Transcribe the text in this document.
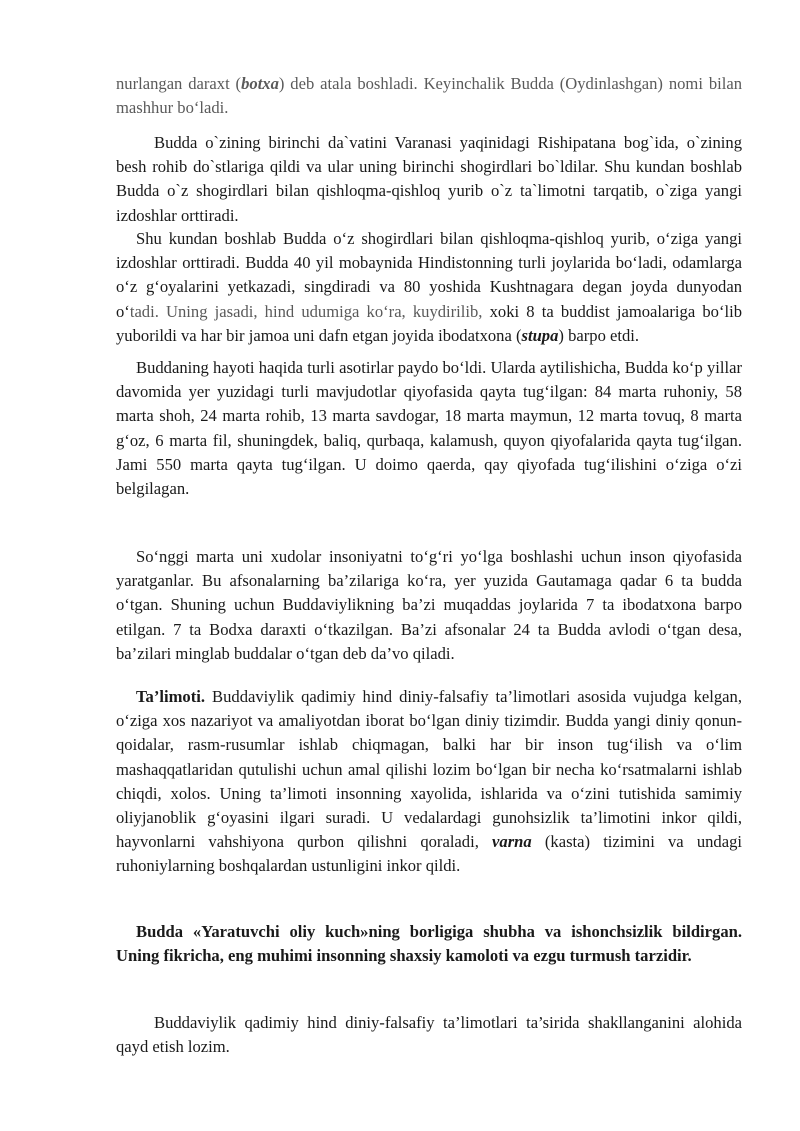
nurlangan daraxt (botxa) deb atala boshladi. Keyinchalik Budda (Oydinlashgan) nomi bilan mashhur bo‘ladi.

Budda o`zining birinchi da`vatini Varanasi yaqinidagi Rishipatana bog`ida, o`zining besh rohib do`stlariga qildi va ular uning birinchi shogirdlari bo`ldilar. Shu kundan boshlab Budda o`z shogirdlari bilan qishloqma-qishloq yurib o`z ta`limotni tarqatib, o`ziga yangi izdoshlar orttiradi.

Shu kundan boshlab Budda o‘z shogirdlari bilan qishloqma-qishloq yurib, o‘ziga yangi izdoshlar orttiradi. Budda 40 yil mobaynida Hindistonning turli joylarida bo‘ladi, odamlarga o‘z g‘oyalarini yetkazadi, singdiradi va 80 yoshida Kushtnagara degan joyda dunyodan o‘tadi. Uning jasadi, hind udumiga ko‘ra, kuydirilib, xoki 8 ta buddist jamoalariga bo‘lib yuborildi va har bir jamoa uni dafn etgan joyida ibodatxona (stupa) barpo etdi.

Buddaning hayoti haqida turli asotirlar paydo bo‘ldi. Ularda aytilishicha, Budda ko‘p yillar davomida yer yuzidagi turli mavjudotlar qiyofasida qayta tug‘ilgan: 84 marta ruhoniy, 58 marta shoh, 24 marta rohib, 13 marta savdogar, 18 marta maymun, 12 marta tovuq, 8 marta g‘oz, 6 marta fil, shuningdek, baliq, qurbaqa, kalamush, quyon qiyofalarida qayta tug‘ilgan. Jami 550 marta qayta tug‘ilgan. U doimo qaerda, qay qiyofada tug‘ilishini o‘ziga o‘zi belgilagan.

So‘nggi marta uni xudolar insoniyatni to‘g‘ri yo‘lga boshlashi uchun inson qiyofasida yaratganlar. Bu afsonalarning ba’zilariga ko‘ra, yer yuzida Gautamaga qadar 6 ta budda o‘tgan. Shuning uchun Buddaviylikning ba’zi muqaddas joylarida 7 ta ibodatxona barpo etilgan. 7 ta Bodxa daraxti o‘tkazilgan. Ba’zi afsonalar 24 ta Budda avlodi o‘tgan desa, ba’zilari minglab buddalar o‘tgan deb da’vo qiladi.

Ta’limoti. Buddaviylik qadimiy hind diniy-falsafiy ta’limotlari asosida vujudga kelgan, o‘ziga xos nazariyot va amaliyotdan iborat bo‘lgan diniy tizimdir. Budda yangi diniy qonun-qoidalar, rasm-rusumlar ishlab chiqmagan, balki har bir inson tug‘ilish va o‘lim mashaqqatlaridan qutulishi uchun amal qilishi lozim bo‘lgan bir necha ko‘rsatmalarni ishlab chiqdi, xolos. Uning ta’limoti insonning xayolida, ishlarida va o‘zini tutishida samimiy oliyjanoblik g‘oyasini ilgari suradi. U vedalardagi gunohsizlik ta’limotini inkor qildi, hayvonlarni vahshiyona qurbon qilishni qoraladi, varna (kasta) tizimini va undagi ruhoniylarning boshqalardan ustunligini inkor qildi.

Budda «Yaratuvchi oliy kuch»ning borligiga shubha va ishonchsizlik bildirgan. Uning fikricha, eng muhimi insonning shaxsiy kamoloti va ezgu turmush tarzidir.

Buddaviylik qadimiy hind diniy-falsafiy ta’limotlari ta’sirida shakllanganini alohida qayd etish lozim.
